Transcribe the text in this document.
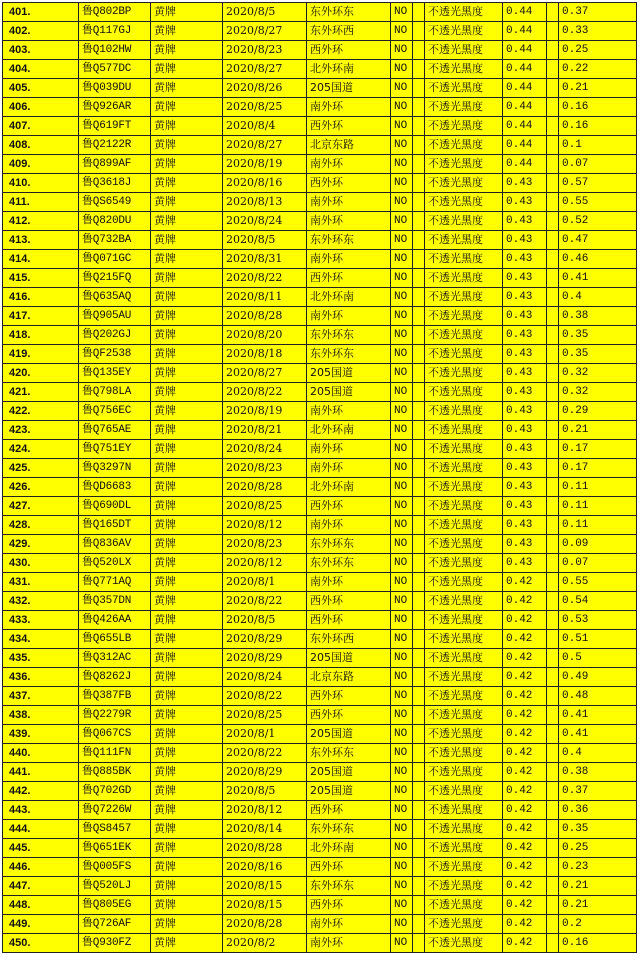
401.	鲁Q802BP	黄牌	2020/8/5	东外环东	NO		不透光黑度	0.44		0.37
402.	鲁Q117GJ	黄牌	2020/8/27	东外环西	NO		不透光黑度	0.44		0.33
403.	鲁Q102HW	黄牌	2020/8/23	西外环	NO		不透光黑度	0.44		0.25
404.	鲁Q577DC	黄牌	2020/8/27	北外环南	NO		不透光黑度	0.44		0.22
405.	鲁Q039DU	黄牌	2020/8/26	205国道	NO		不透光黑度	0.44		0.21
406.	鲁Q926AR	黄牌	2020/8/25	南外环	NO		不透光黑度	0.44		0.16
407.	鲁Q619FT	黄牌	2020/8/4	西外环	NO		不透光黑度	0.44		0.16
408.	鲁Q2122R	黄牌	2020/8/27	北京东路	NO		不透光黑度	0.44		0.1
409.	鲁Q899AF	黄牌	2020/8/19	南外环	NO		不透光黑度	0.44		0.07
410.	鲁Q3618J	黄牌	2020/8/16	西外环	NO		不透光黑度	0.43		0.57
411.	鲁QS6549	黄牌	2020/8/13	南外环	NO		不透光黑度	0.43		0.55
412.	鲁Q820DU	黄牌	2020/8/24	南外环	NO		不透光黑度	0.43		0.52
413.	鲁Q732BA	黄牌	2020/8/5	东外环东	NO		不透光黑度	0.43		0.47
414.	鲁Q071GC	黄牌	2020/8/31	南外环	NO		不透光黑度	0.43		0.46
415.	鲁Q215FQ	黄牌	2020/8/22	西外环	NO		不透光黑度	0.43		0.41
416.	鲁Q635AQ	黄牌	2020/8/11	北外环南	NO		不透光黑度	0.43		0.4
417.	鲁Q905AU	黄牌	2020/8/28	南外环	NO		不透光黑度	0.43		0.38
418.	鲁Q202GJ	黄牌	2020/8/20	东外环东	NO		不透光黑度	0.43		0.35
419.	鲁QF2538	黄牌	2020/8/18	东外环东	NO		不透光黑度	0.43		0.35
420.	鲁Q135EY	黄牌	2020/8/27	205国道	NO		不透光黑度	0.43		0.32
421.	鲁Q798LA	黄牌	2020/8/22	205国道	NO		不透光黑度	0.43		0.32
422.	鲁Q756EC	黄牌	2020/8/19	南外环	NO		不透光黑度	0.43		0.29
423.	鲁Q765AE	黄牌	2020/8/21	北外环南	NO		不透光黑度	0.43		0.21
424.	鲁Q751EY	黄牌	2020/8/24	南外环	NO		不透光黑度	0.43		0.17
425.	鲁Q3297N	黄牌	2020/8/23	南外环	NO		不透光黑度	0.43		0.17
426.	鲁QD6683	黄牌	2020/8/28	北外环南	NO		不透光黑度	0.43		0.11
427.	鲁Q690DL	黄牌	2020/8/25	西外环	NO		不透光黑度	0.43		0.11
428.	鲁Q165DT	黄牌	2020/8/12	南外环	NO		不透光黑度	0.43		0.11
429.	鲁Q836AV	黄牌	2020/8/23	东外环东	NO		不透光黑度	0.43		0.09
430.	鲁Q520LX	黄牌	2020/8/12	东外环东	NO		不透光黑度	0.43		0.07
431.	鲁Q771AQ	黄牌	2020/8/1	南外环	NO		不透光黑度	0.42		0.55
432.	鲁Q357DN	黄牌	2020/8/22	西外环	NO		不透光黑度	0.42		0.54
433.	鲁Q426AA	黄牌	2020/8/5	西外环	NO		不透光黑度	0.42		0.53
434.	鲁Q655LB	黄牌	2020/8/29	东外环西	NO		不透光黑度	0.42		0.51
435.	鲁Q312AC	黄牌	2020/8/29	205国道	NO		不透光黑度	0.42		0.5
436.	鲁Q8262J	黄牌	2020/8/24	北京东路	NO		不透光黑度	0.42		0.49
437.	鲁Q387FB	黄牌	2020/8/22	西外环	NO		不透光黑度	0.42		0.48
438.	鲁Q2279R	黄牌	2020/8/25	西外环	NO		不透光黑度	0.42		0.41
439.	鲁Q067CS	黄牌	2020/8/1	205国道	NO		不透光黑度	0.42		0.41
440.	鲁Q111FN	黄牌	2020/8/22	东外环东	NO		不透光黑度	0.42		0.4
441.	鲁Q885BK	黄牌	2020/8/29	205国道	NO		不透光黑度	0.42		0.38
442.	鲁Q702GD	黄牌	2020/8/5	205国道	NO		不透光黑度	0.42		0.37
443.	鲁Q7226W	黄牌	2020/8/12	西外环	NO		不透光黑度	0.42		0.36
444.	鲁QS8457	黄牌	2020/8/14	东外环东	NO		不透光黑度	0.42		0.35
445.	鲁Q651EK	黄牌	2020/8/28	北外环南	NO		不透光黑度	0.42		0.25
446.	鲁Q005FS	黄牌	2020/8/16	西外环	NO		不透光黑度	0.42		0.23
447.	鲁Q520LJ	黄牌	2020/8/15	东外环东	NO		不透光黑度	0.42		0.21
448.	鲁Q805EG	黄牌	2020/8/15	西外环	NO		不透光黑度	0.42		0.21
449.	鲁Q726AF	黄牌	2020/8/28	南外环	NO		不透光黑度	0.42		0.2
450.	鲁Q930FZ	黄牌	2020/8/2	南外环	NO		不透光黑度	0.42		0.16
